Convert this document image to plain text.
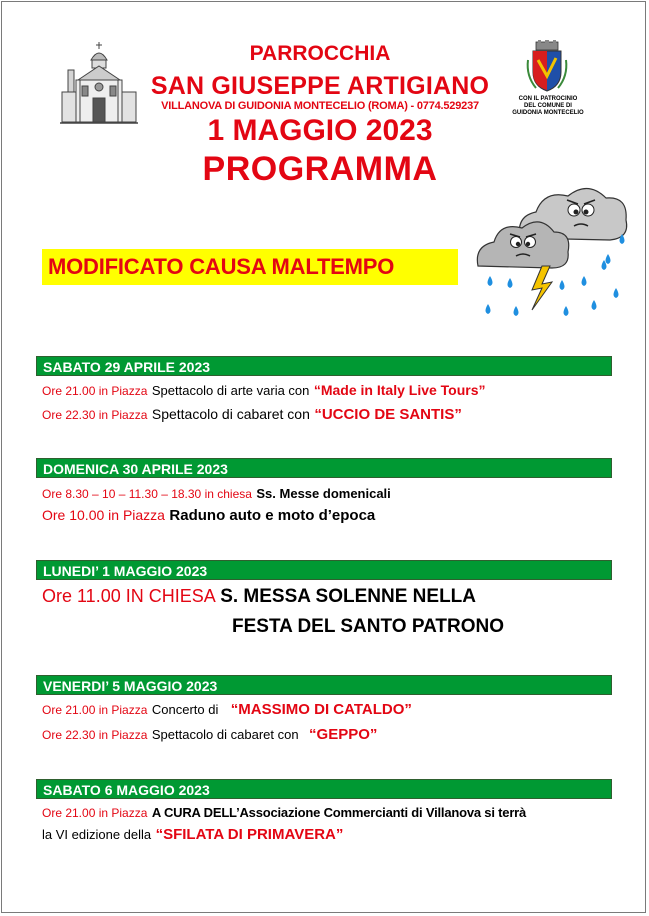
CON IL PATROCINIO
DEL COMUNE DI
GUIDONIA MONTECELIO
PARROCCHIA
SAN GIUSEPPE ARTIGIANO
VILLANOVA DI GUIDONIA MONTECELIO (ROMA) - 0774.529237
1 MAGGIO 2023
PROGRAMMA
MODIFICATO CAUSA MALTEMPO
SABATO 29 APRILE 2023
Ore 21.00 in Piazza Spettacolo di arte varia con “Made in Italy Live Tours”
Ore 22.30 in Piazza Spettacolo di cabaret con “UCCIO DE SANTIS”
DOMENICA 30 APRILE 2023
Ore 8.30 – 10 – 11.30 – 18.30 in chiesa Ss. Messe domenicali
Ore 10.00 in Piazza Raduno auto e moto d’epoca
LUNEDI’ 1 MAGGIO 2023
Ore 11.00 IN CHIESA S. MESSA SOLENNE NELLA
FESTA DEL SANTO PATRONO
VENERDI’ 5 MAGGIO 2023
Ore 21.00 in Piazza Concerto di “MASSIMO DI CATALDO”
Ore 22.30 in Piazza Spettacolo di cabaret con “GEPPO”
SABATO 6 MAGGIO 2023
Ore 21.00 in Piazza A CURA DELL’Associazione Commercianti di Villanova si terrà
la VI edizione della “SFILATA DI PRIMAVERA”
